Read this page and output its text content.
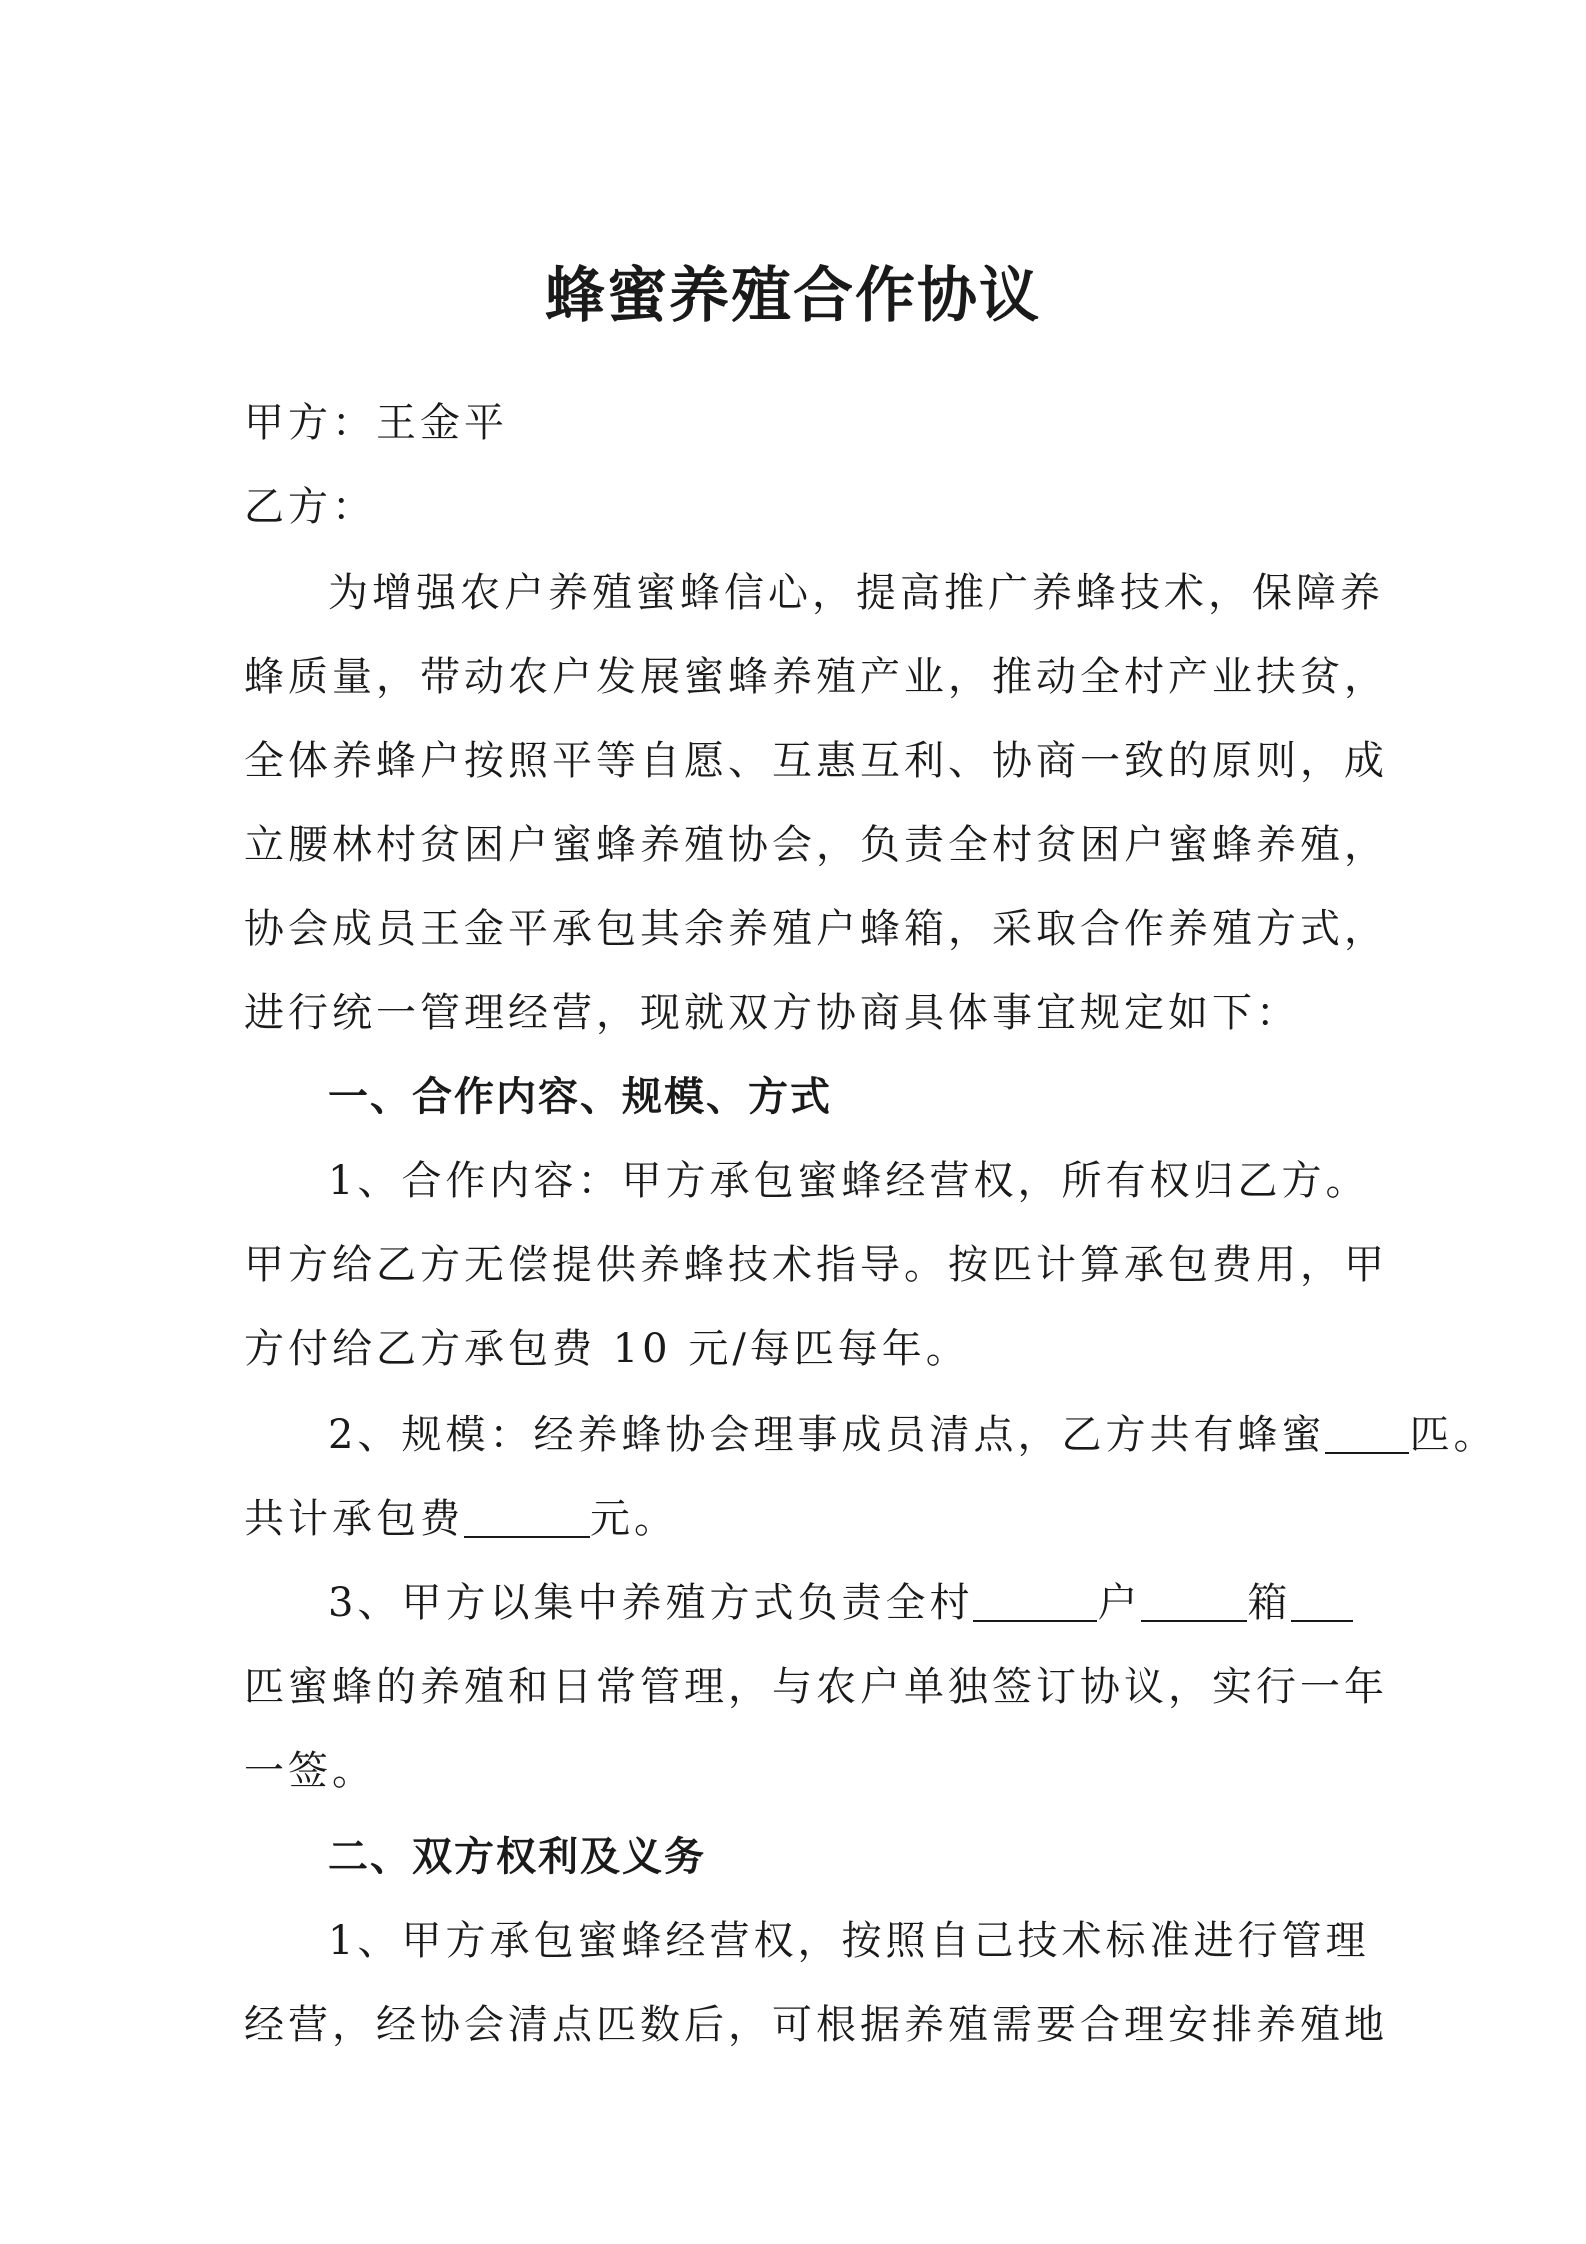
蜂蜜养殖合作协议
甲方：王金平
乙方：
为增强农户养殖蜜蜂信心，提高推广养蜂技术，保障养
蜂质量，带动农户发展蜜蜂养殖产业，推动全村产业扶贫，
全体养蜂户按照平等自愿、互惠互利、协商一致的原则，成
立腰林村贫困户蜜蜂养殖协会，负责全村贫困户蜜蜂养殖，
协会成员王金平承包其余养殖户蜂箱，采取合作养殖方式，
进行统一管理经营，现就双方协商具体事宜规定如下：
一、合作内容、规模、方式
1、合作内容：甲方承包蜜蜂经营权，所有权归乙方。
甲方给乙方无偿提供养蜂技术指导。按匹计算承包费用，甲
方付给乙方承包费 10 元/每匹每年。
2、规模：经养蜂协会理事成员清点，乙方共有蜂蜜 匹。
共计承包费	元。
3、甲方以集中养殖方式负责全村	户	箱
匹蜜蜂的养殖和日常管理，与农户单独签订协议，实行一年
一签。
二、双方权利及义务
1、甲方承包蜜蜂经营权，按照自己技术标准进行管理
经营，经协会清点匹数后，可根据养殖需要合理安排养殖地
